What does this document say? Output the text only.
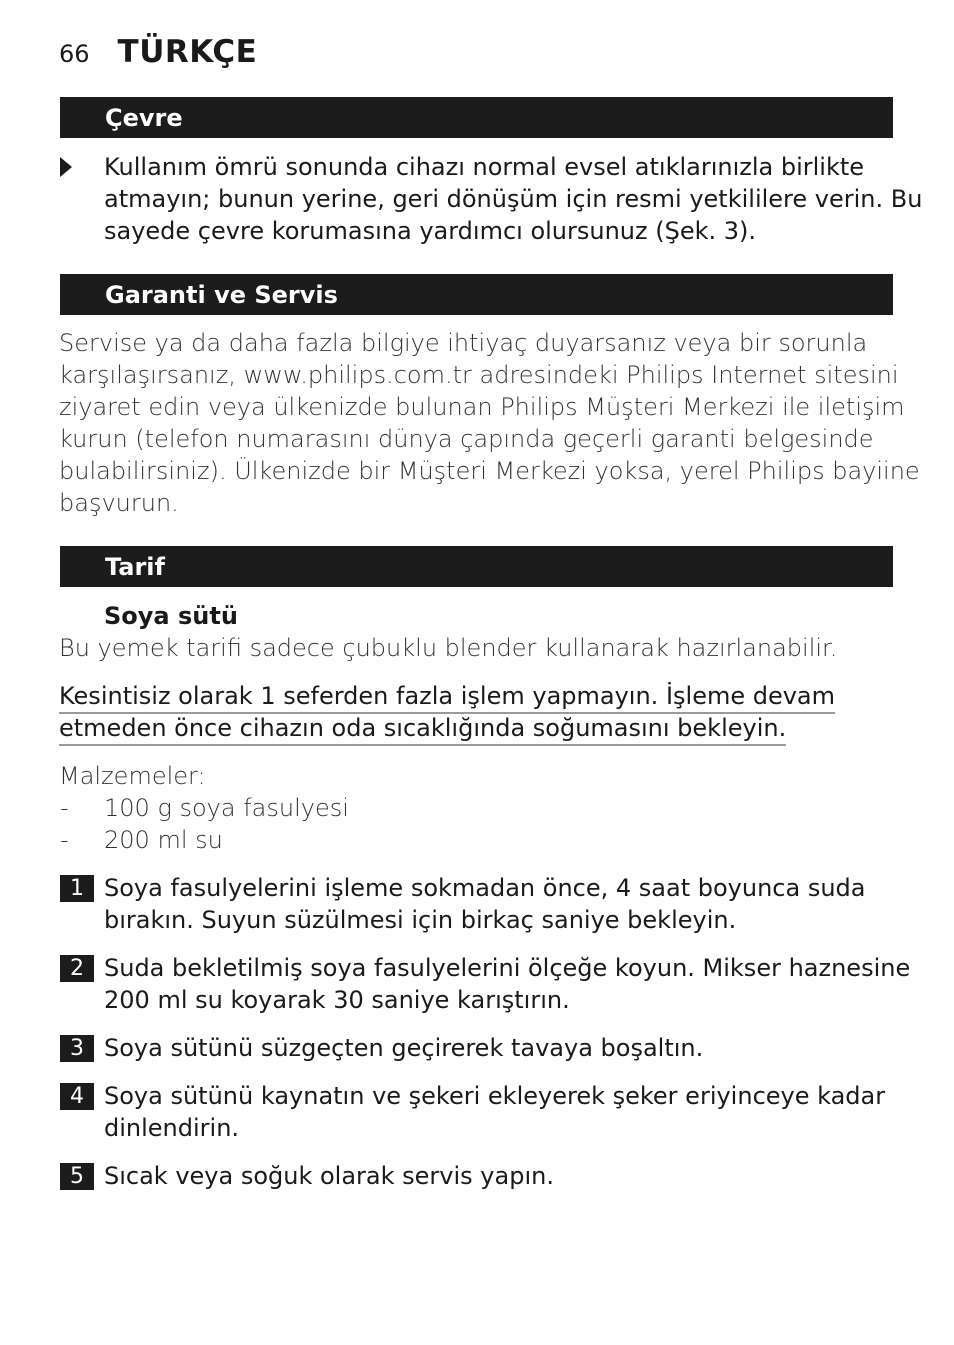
66 TÜRKÇE
Çevre
Kullanım ömrü sonunda cihazı normal evsel atıklarınızla birlikte
atmayın; bunun yerine, geri dönüşüm için resmi yetkililere verin. Bu
sayede çevre korumasına yardımcı olursunuz (Şek. 3).
Garanti ve Servis
Servise ya da daha fazla bilgiye ihtiyaç duyarsanız veya bir sorunla
karşılaşırsanız, www.philips.com.tr adresindeki Philips Internet sitesini
ziyaret edin veya ülkenizde bulunan Philips Müşteri Merkezi ile iletişim
kurun (telefon numarasını dünya çapında geçerli garanti belgesinde
bulabilirsiniz). Ülkenizde bir Müşteri Merkezi yoksa, yerel Philips bayiine
başvurun.
Tarif
Soya sütü
Bu yemek tarifi sadece çubuklu blender kullanarak hazırlanabilir.
Kesintisiz olarak 1 seferden fazla işlem yapmayın. İşleme devam
etmeden önce cihazın oda sıcaklığında soğumasını bekleyin.
Malzemeler:
- 100 g soya fasulyesi
- 200 ml su
1 Soya fasulyelerini işleme sokmadan önce, 4 saat boyunca suda
bırakın. Suyun süzülmesi için birkaç saniye bekleyin.
2 Suda bekletilmiş soya fasulyelerini ölçeğe koyun. Mikser haznesine
200 ml su koyarak 30 saniye karıştırın.
3 Soya sütünü süzgeçten geçirerek tavaya boşaltın.
4 Soya sütünü kaynatın ve şekeri ekleyerek şeker eriyinceye kadar
dinlendirin.
5 Sıcak veya soğuk olarak servis yapın.
